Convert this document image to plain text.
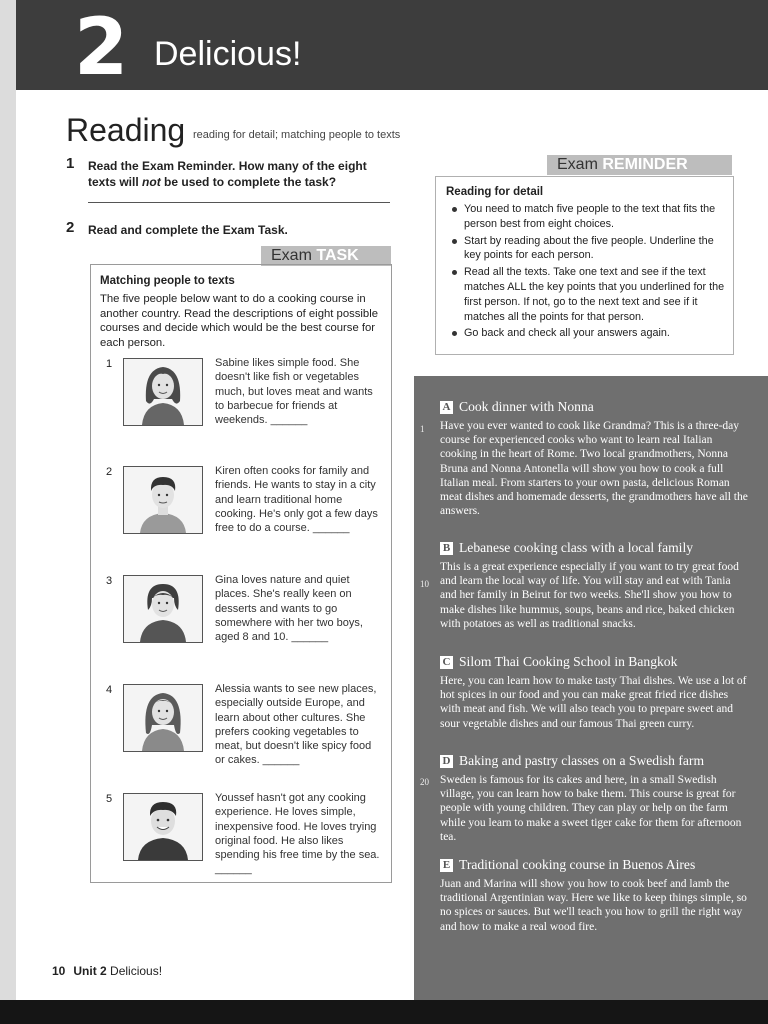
2 Delicious!
Reading reading for detail; matching people to texts
1 Read the Exam Reminder. How many of the eight
texts will not be used to complete the task?
2 Read and complete the Exam Task.
Exam TASK
Matching people to texts
The five people below want to do a cooking course in another country. Read the descriptions of eight possible courses and decide which would be the best course for each person.
1	Sabine likes simple food. She doesn't like fish or vegetables much, but loves meat and wants to barbecue for friends at weekends. ______
2	Kiren often cooks for family and friends. He wants to stay in a city and learn traditional home cooking. He's only got a few days free to do a course. ______
3	Gina loves nature and quiet places. She's really keen on desserts and wants to go somewhere with her two boys, aged 8 and 10. ______
4	Alessia wants to see new places, especially outside Europe, and learn about other cultures. She prefers cooking vegetables to meat, but doesn't like spicy food or cakes. ______
5	Youssef hasn't got any cooking experience. He loves simple, inexpensive food. He loves trying original food. He also likes spending his free time by the sea. ______
Exam REMINDER
Reading for detail
You need to match five people to the text that fits the person best from eight choices.
Start by reading about the five people. Underline the key points for each person.
Read all the texts. Take one text and see if the text matches ALL the key points that you underlined for the first person. If not, go to the next text and see if it matches all the points for that person.
Go back and check all your answers again.
A Cook dinner with Nonna
Have you ever wanted to cook like Grandma? This is a three-day course for experienced cooks who want to learn real Italian cooking in the heart of Rome. Two local grandmothers, Nonna Bruna and Nonna Antonella will show you how to cook a full Italian meal. From starters to your own pasta, delicious Roman meat dishes and homemade desserts, the grandmothers have all the answers.
B Lebanese cooking class with a local family
This is a great experience especially if you want to try great food and learn the local way of life. You will stay and eat with Tania and her family in Beirut for two weeks. She'll show you how to make dishes like hummus, soups, beans and rice, baked chicken with potatoes as well as traditional snacks.
C Silom Thai Cooking School in Bangkok
Here, you can learn how to make tasty Thai dishes. We use a lot of hot spices in our food and you can make great fried rice dishes with meat and fish. We will also teach you to prepare sweet and sour vegetable dishes and our famous Thai green curry.
D Baking and pastry classes on a Swedish farm
Sweden is famous for its cakes and here, in a small Swedish village, you can learn how to bake them. This course is great for people with young children. They can play or help on the farm while you learn to make a sweet tiger cake for them for afternoon tea.
E Traditional cooking course in Buenos Aires
Juan and Marina will show you how to cook beef and lamb the traditional Argentinian way. Here we like to keep things simple, so no spices or sauces. But we'll teach you how to grill the right way and how to make a real wood fire.
1
10
20
10 Unit 2 Delicious!
